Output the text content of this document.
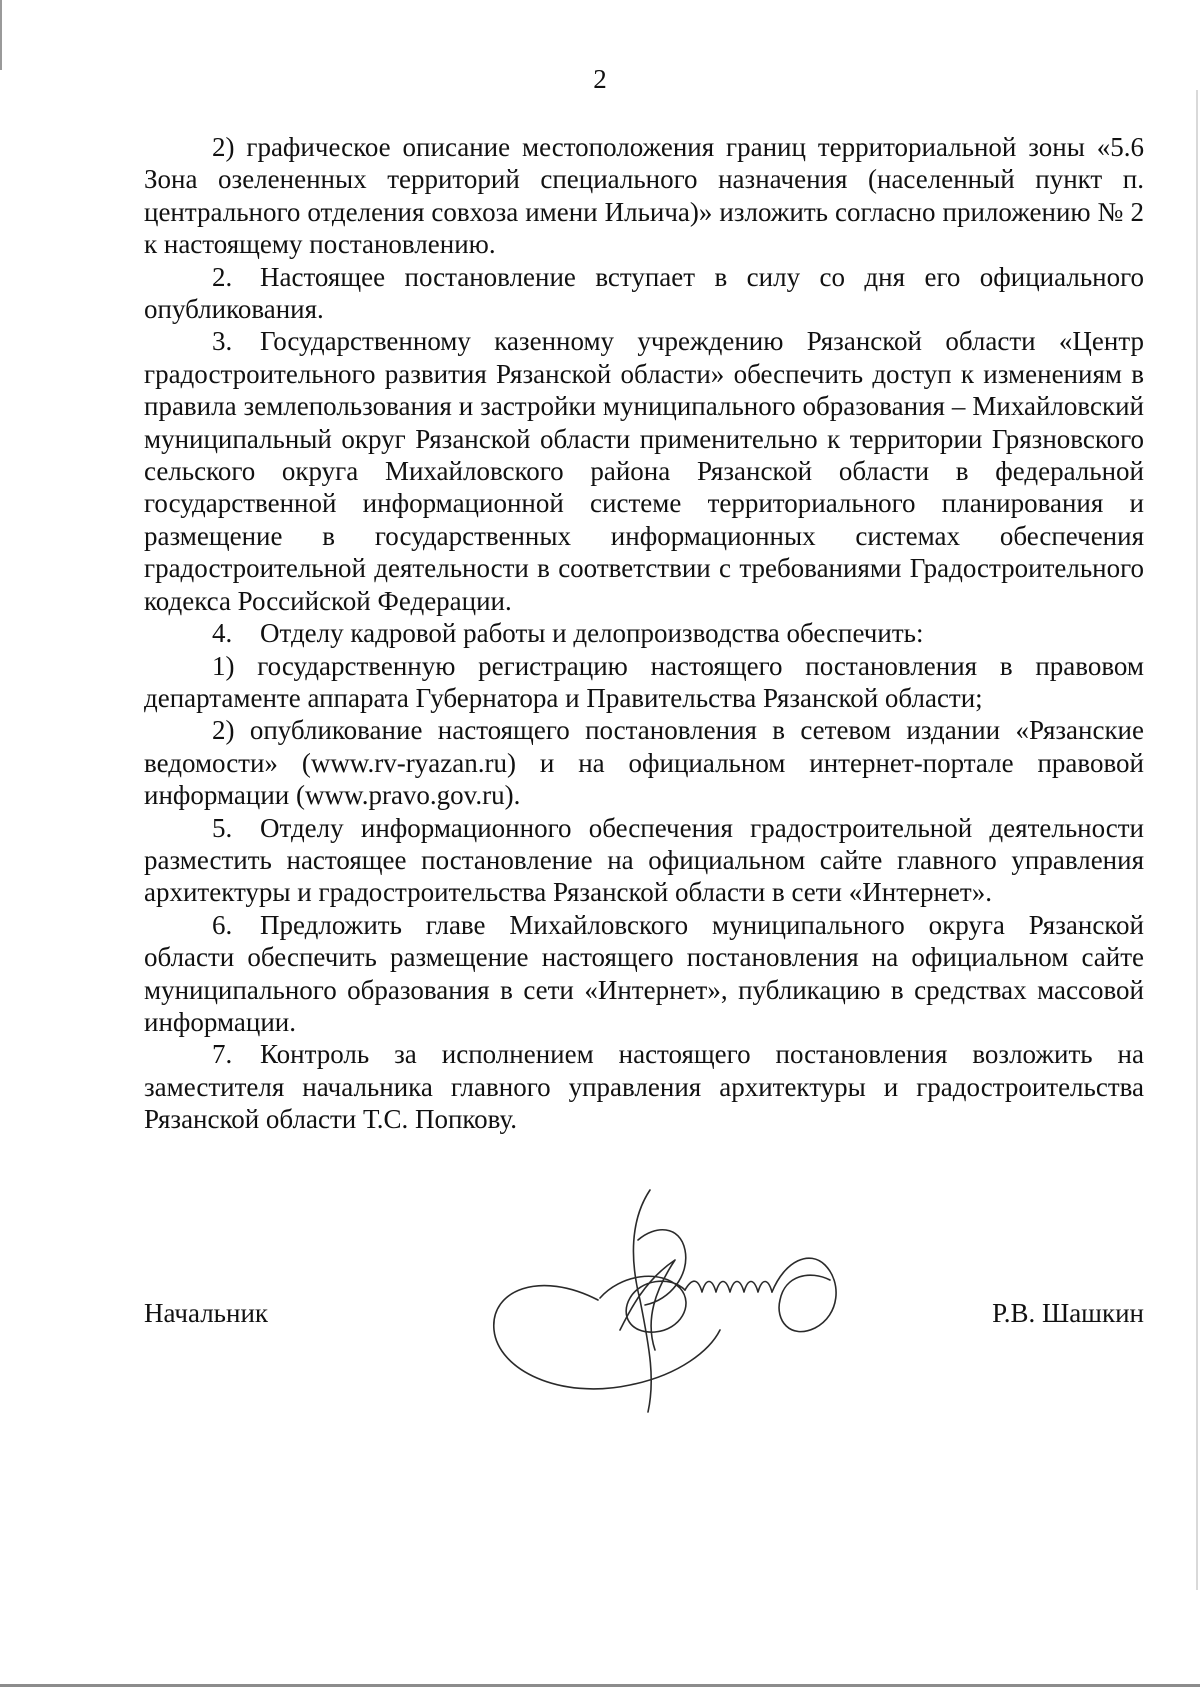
2

2) графическое описание местоположения границ территориальной зоны «5.6 Зона озелененных территорий специального назначения (населенный пункт п. центрального отделения совхоза имени Ильича)» изложить согласно приложению № 2 к настоящему постановлению.

2. Настоящее постановление вступает в силу со дня его официального опубликования.

3. Государственному казенному учреждению Рязанской области «Центр градостроительного развития Рязанской области» обеспечить доступ к изменениям в правила землепользования и застройки муниципального образования – Михайловский муниципальный округ Рязанской области применительно к территории Грязновского сельского округа Михайловского района Рязанской области в федеральной государственной информационной системе территориального планирования и размещение в государственных информационных системах обеспечения градостроительной деятельности в соответствии с требованиями Градостроительного кодекса Российской Федерации.

4. Отделу кадровой работы и делопроизводства обеспечить:

1) государственную регистрацию настоящего постановления в правовом департаменте аппарата Губернатора и Правительства Рязанской области;

2) опубликование настоящего постановления в сетевом издании «Рязанские ведомости» (www.rv-ryazan.ru) и на официальном интернет-портале правовой информации (www.pravo.gov.ru).

5. Отделу информационного обеспечения градостроительной деятельности разместить настоящее постановление на официальном сайте главного управления архитектуры и градостроительства Рязанской области в сети «Интернет».

6. Предложить главе Михайловского муниципального округа Рязанской области обеспечить размещение настоящего постановления на официальном сайте муниципального образования в сети «Интернет», публикацию в средствах массовой информации.

7. Контроль за исполнением настоящего постановления возложить на заместителя начальника главного управления архитектуры и градостроительства Рязанской области Т.С. Попкову.

Начальник	Р.В. Шашкин
